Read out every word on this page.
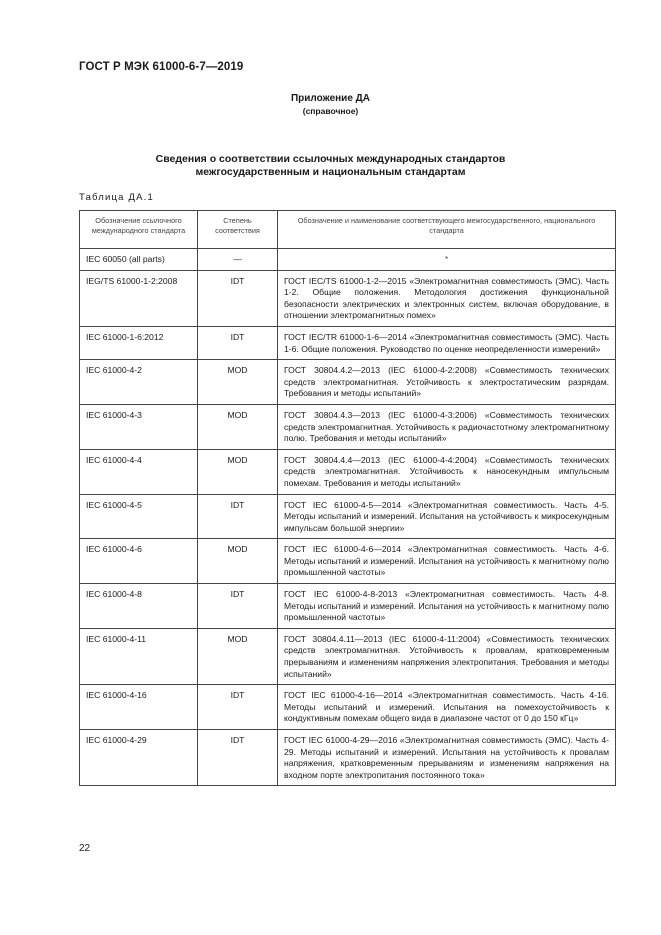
ГОСТ Р МЭК 61000-6-7—2019
Приложение ДА
(справочное)
Сведения о соответствии ссылочных международных стандартов
межгосударственным и национальным стандартам
Таблица ДА.1
Обозначение ссылочного международного стандарта	Степень соответствия	Обозначение и наименование соответствующего межгосударственного, национального стандарта
IEC 60050 (all parts)	—	*
IEG/TS 61000-1-2:2008	IDT	ГОСТ IEC/TS 61000-1-2—2015 «Электромагнитная совместимость (ЭМС). Часть 1-2. Общие положения. Методология достижения функциональной безопасности электрических и электронных систем, включая оборудование, в отношении электромагнитных помех»
IEC 61000-1-6:2012	IDT	ГОСТ IEC/TR 61000-1-6—2014 «Электромагнитная совместимость (ЭМС). Часть 1-6. Общие положения. Руководство по оценке неопределенности измерений»
IEC 61000-4-2	MOD	ГОСТ 30804.4.2—2013 (IEC 61000-4-2:2008) «Совместимость технических средств электромагнитная. Устойчивость к электростатическим разрядам. Требования и методы испытаний»
IEC 61000-4-3	MOD	ГОСТ 30804.4.3—2013 (IEC 61000-4-3:2006) «Совместимость технических средств электромагнитная. Устойчивость к радиочастотному электромагнитному полю. Требования и методы испытаний»
IEC 61000-4-4	MOD	ГОСТ 30804.4.4—2013 (IEC 61000-4-4:2004) «Совместимость технических средств электромагнитная. Устойчивость к наносекундным импульсным помехам. Требования и методы испытаний»
IEC 61000-4-5	IDT	ГОСТ IEC 61000-4-5—2014 «Электромагнитная совместимость. Часть 4-5. Методы испытаний и измерений. Испытания на устойчивость к микросекундным импульсам большой энергии»
IEC 61000-4-6	MOD	ГОСТ IEC 61000-4-6—2014 «Электромагнитная совместимость. Часть 4-6. Методы испытаний и измерений. Испытания на устойчивость к магнитному полю промышленной частоты»
IEC 61000-4-8	IDT	ГОСТ IEC 61000-4-8-2013 «Электромагнитная совместимость. Часть 4-8. Методы испытаний и измерений. Испытания на устойчивость к магнитному полю промышленной частоты»
IEC 61000-4-11	MOD	ГОСТ 30804.4.11—2013 (IEC 61000-4-11:2004) «Совместимость технических средств электромагнитная. Устойчивость к провалам, кратковременным прерываниям и изменениям напряжения электропитания. Требования и методы испытаний»
IEC 61000-4-16	IDT	ГОСТ IEC 61000-4-16—2014 «Электромагнитная совместимость. Часть 4-16. Методы испытаний и измерений. Испытания на помехоустойчивость к кондуктивным помехам общего вида в диапазоне частот от 0 до 150 кГц»
IEC 61000-4-29	IDT	ГОСТ IEC 61000-4-29—2016 «Электромагнитная совместимость (ЭМС). Часть 4-29. Методы испытаний и измерений. Испытания на устойчивость к провалам напряжения, кратковременным прерываниям и изменениям напряжения на входном порте электропитания постоянного тока»
22
